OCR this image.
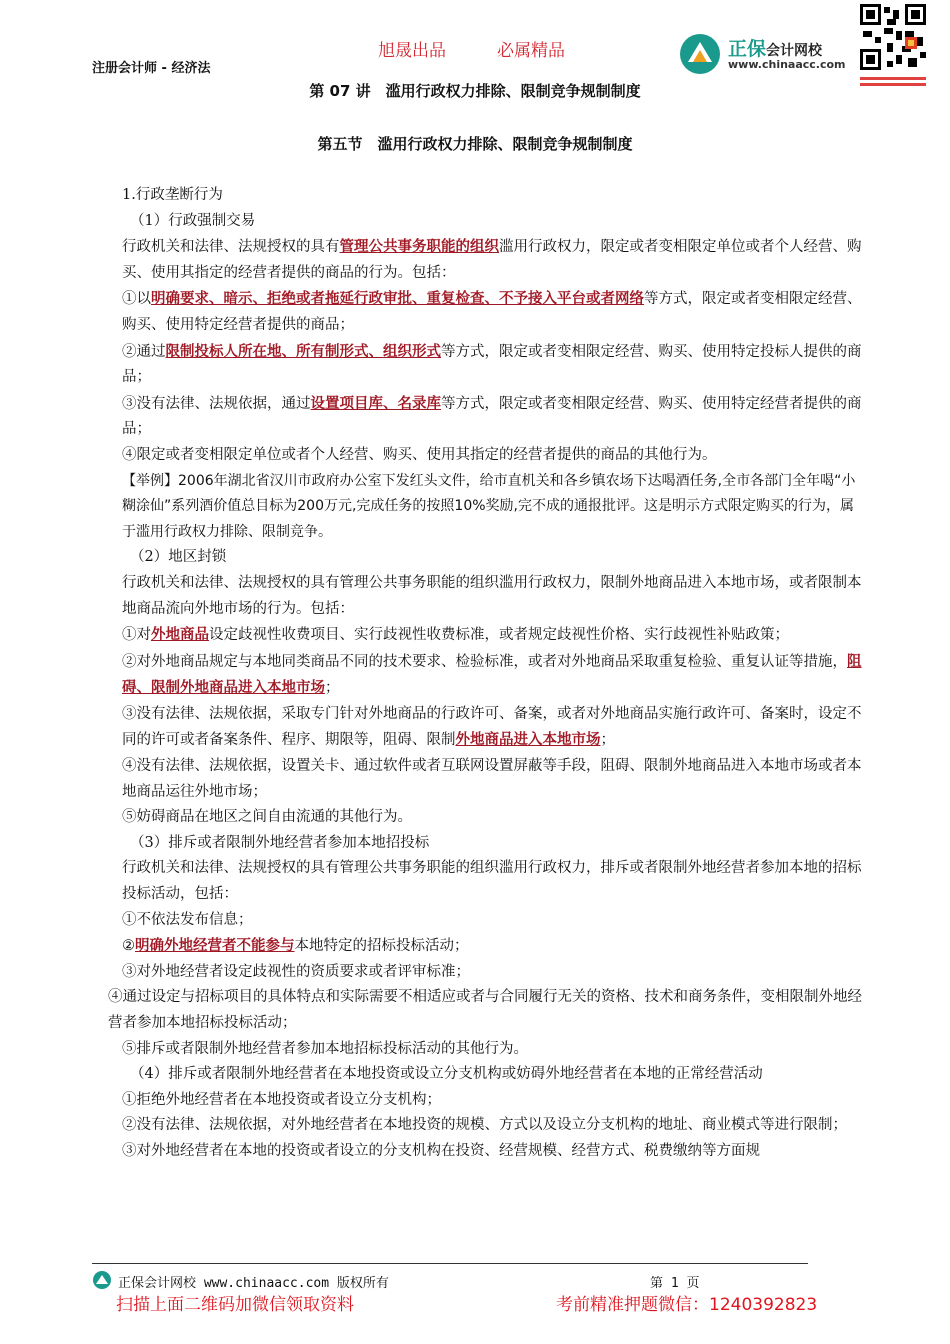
旭晟出品	必属精品
注册会计师 - 经济法
正保会计网校
www.chinaacc.com
第 07 讲　滥用行政权力排除、限制竞争规制制度
第五节　滥用行政权力排除、限制竞争规制制度

1.行政垄断行为

（1）行政强制交易

行政机关和法律、法规授权的具有管理公共事务职能的组织滥用行政权力，限定或者变相限定单位或者个人经营、购买、使用其指定的经营者提供的商品的行为。包括：

①以明确要求、暗示、拒绝或者拖延行政审批、重复检查、不予接入平台或者网络等方式，限定或者变相限定经营、购买、使用特定经营者提供的商品；

②通过限制投标人所在地、所有制形式、组织形式等方式，限定或者变相限定经营、购买、使用特定投标人提供的商品；

③没有法律、法规依据，通过设置项目库、名录库等方式，限定或者变相限定经营、购买、使用特定经营者提供的商品；

④限定或者变相限定单位或者个人经营、购买、使用其指定的经营者提供的商品的其他行为。

【举例】2006年湖北省汉川市政府办公室下发红头文件，给市直机关和各乡镇农场下达喝酒任务,全市各部门全年喝“小糊涂仙”系列酒价值总目标为200万元,完成任务的按照10%奖励,完不成的通报批评。这是明示方式限定购买的行为，属于滥用行政权力排除、限制竞争。

（2）地区封锁

行政机关和法律、法规授权的具有管理公共事务职能的组织滥用行政权力，限制外地商品进入本地市场，或者限制本地商品流向外地市场的行为。包括：

①对外地商品设定歧视性收费项目、实行歧视性收费标准，或者规定歧视性价格、实行歧视性补贴政策；

②对外地商品规定与本地同类商品不同的技术要求、检验标准，或者对外地商品采取重复检验、重复认证等措施，阻碍、限制外地商品进入本地市场；

③没有法律、法规依据，采取专门针对外地商品的行政许可、备案，或者对外地商品实施行政许可、备案时，设定不同的许可或者备案条件、程序、期限等，阻碍、限制外地商品进入本地市场；

④没有法律、法规依据，设置关卡、通过软件或者互联网设置屏蔽等手段，阻碍、限制外地商品进入本地市场或者本地商品运往外地市场；

⑤妨碍商品在地区之间自由流通的其他行为。

（3）排斥或者限制外地经营者参加本地招投标

行政机关和法律、法规授权的具有管理公共事务职能的组织滥用行政权力，排斥或者限制外地经营者参加本地的招标投标活动，包括：

①不依法发布信息；

②明确外地经营者不能参与本地特定的招标投标活动；

③对外地经营者设定歧视性的资质要求或者评审标准；

④通过设定与招标项目的具体特点和实际需要不相适应或者与合同履行无关的资格、技术和商务条件，变相限制外地经营者参加本地招标投标活动；

⑤排斥或者限制外地经营者参加本地招标投标活动的其他行为。

（4）排斥或者限制外地经营者在本地投资或设立分支机构或妨碍外地经营者在本地的正常经营活动

①拒绝外地经营者在本地投资或者设立分支机构；

②没有法律、法规依据，对外地经营者在本地投资的规模、方式以及设立分支机构的地址、商业模式等进行限制；

③对外地经营者在本地的投资或者设立的分支机构在投资、经营规模、经营方式、税费缴纳等方面规

正保会计网校 www.chinaacc.com 版权所有	第 1 页
扫描上面二维码加微信领取资料	考前精准押题微信：1240392823
